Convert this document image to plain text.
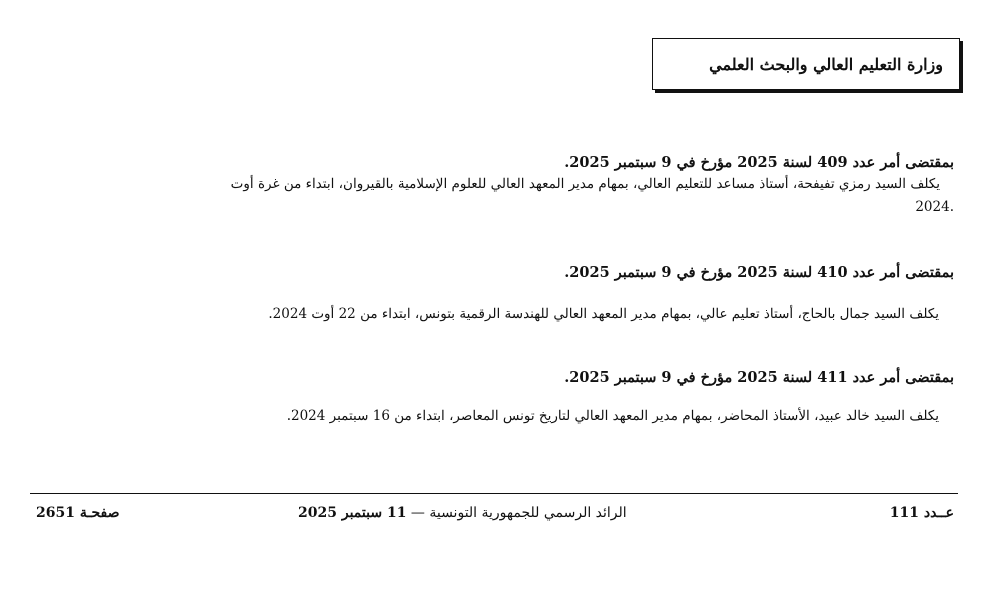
وزارة التعليم العالي والبحث العلمي
بمقتضى أمر عدد 409 لسنة 2025 مؤرخ في 9 سبتمبر 2025.
يكلف السيد رمزي تفيفحة، أستاذ مساعد للتعليم العالي، بمهام مدير المعهد العالي للعلوم الإسلامية بالقيروان، ابتداء من غرة أوت
2024.
بمقتضى أمر عدد 410 لسنة 2025 مؤرخ في 9 سبتمبر 2025.
يكلف السيد جمال بالحاج، أستاذ تعليم عالي، بمهام مدير المعهد العالي للهندسة الرقمية بتونس، ابتداء من 22 أوت 2024.
بمقتضى أمر عدد 411 لسنة 2025 مؤرخ في 9 سبتمبر 2025.
يكلف السيد خالد عبيد، الأستاذ المحاضر، بمهام مدير المعهد العالي لتاريخ تونس المعاصر، ابتداء من 16 سبتمبر 2024.
عــدد 111
الرائد الرسمي للجمهورية التونسية — 11 سبتمبر 2025
صفحـة 2651
